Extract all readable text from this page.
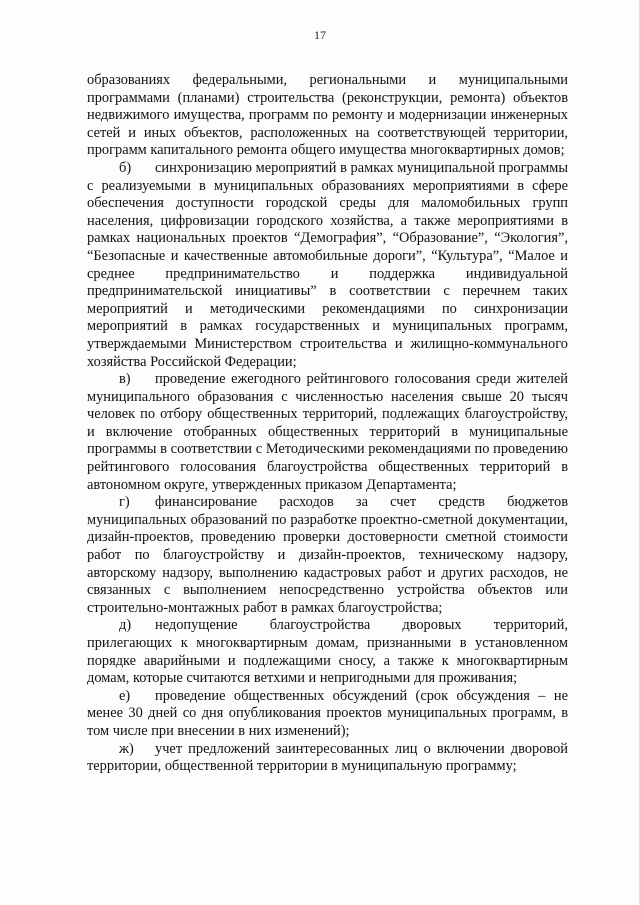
17

образованиях федеральными, региональными и муниципальными программами (планами) строительства (реконструкции, ремонта) объектов недвижимого имущества, программ по ремонту и модернизации инженерных сетей и иных объектов, расположенных на соответствующей территории, программ капитального ремонта общего имущества многоквартирных домов;

б) синхронизацию мероприятий в рамках муниципальной программы с реализуемыми в муниципальных образованиях мероприятиями в сфере обеспечения доступности городской среды для маломобильных групп населения, цифровизации городского хозяйства, а также мероприятиями в рамках национальных проектов “Демография”, “Образование”, “Экология”, “Безопасные и качественные автомобильные дороги”, “Культура”, “Малое и среднее предпринимательство и поддержка индивидуальной предпринимательской инициативы” в соответствии с перечнем таких мероприятий и методическими рекомендациями по синхронизации мероприятий в рамках государственных и муниципальных программ, утверждаемыми Министерством строительства и жилищно-коммунального хозяйства Российской Федерации;

в) проведение ежегодного рейтингового голосования среди жителей муниципального образования с численностью населения свыше 20 тысяч человек по отбору общественных территорий, подлежащих благоустройству, и включение отобранных общественных территорий в муниципальные программы в соответствии с Методическими рекомендациями по проведению рейтингового голосования благоустройства общественных территорий в автономном округе, утвержденных приказом Департамента;

г) финансирование расходов за счет средств бюджетов муниципальных образований по разработке проектно-сметной документации, дизайн-проектов, проведению проверки достоверности сметной стоимости работ по благоустройству и дизайн-проектов, техническому надзору, авторскому надзору, выполнению кадастровых работ и других расходов, не связанных с выполнением непосредственно устройства объектов или строительно-монтажных работ в рамках благоустройства;

д) недопущение благоустройства дворовых территорий, прилегающих к многоквартирным домам, признанными в установленном порядке аварийными и подлежащими сносу, а также к многоквартирным домам, которые считаются ветхими и непригодными для проживания;

е) проведение общественных обсуждений (срок обсуждения – не менее 30 дней со дня опубликования проектов муниципальных программ, в том числе при внесении в них изменений);

ж) учет предложений заинтересованных лиц о включении дворовой территории, общественной территории в муниципальную программу;
